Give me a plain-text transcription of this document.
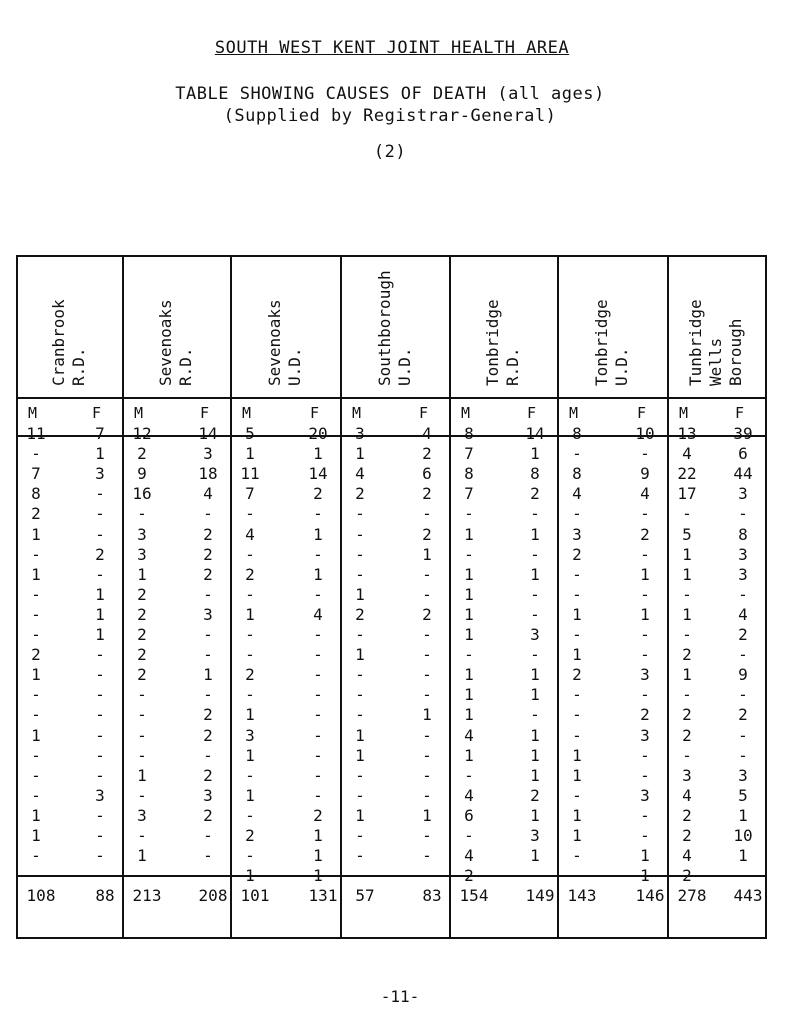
SOUTH WEST KENT JOINT HEALTH AREA
TABLE SHOWING CAUSES OF DEATH (all ages)
(Supplied by Registrar-General)
(2)
Cranbrook R.D.	Sevenoaks R.D.	Sevenoaks U.D.	Southborough U.D.	Tonbridge R.D.	Tonbridge U.D.	Tunbridge Wells Borough
M	F M	F M	F M	F M	F M	F M	F
11	7	12	14	5	20	3	4	8	14	8	10 13 39
-	1	2	3	1	1	1	2	7	1	-	-	4	6
7	3	9	18 11	14	4	6	8	8	8	9	22 44
8	-	16	4	7	2	2	2	7	2	4	4	17	3
2	-	-	-	-	-	-	-	-	-	-	-	-	-
1	-	3	2	4	1	-	2	1	1	3	2	5	8
-	2	3	2	-	-	-	1	-	-	2	-	1	3
1	-	1	2	2	1	-	-	1	1	-	1	1	3
-	1	2	-	-	-	1	-	1	-	-	-	-	-
-	1	2	3	1	4	2	2	1	-	1	1	1	4
-	1	2	-	-	-	-	-	1	3	-	-	-	2
2	-	2	-	-	-	1	-	-	-	1	-	2	-
1	-	2	1	2	-	-	-	1	1	2	3	1	9
-	-	-	-	-	-	-	-	1	1	-	-	-	-
-	-	-	2	1	-	-	1	1	-	-	2	2	2
1	-	-	2	3	-	1	-	4	1	-	3	2	-
-	-	-	-	1	-	1	-	1	1	1	-	-	-
-	-	1	2	-	-	-	-	-	1	1	-	3	3
-	3	-	3	1	-	-	-	4	2	-	3	4	5
1	-	3	2	-	2	1	1	6	1	1	-	2	1
1	-	-	-	2	1	-	-	-	3	1	-	2	10
-	-	1	-	-	1	-	-	4	1	-	1	4	1
-	-	-	-	1	1	-	-	2	-	-	1	2	-
108	88	213 208 101 131	57	83	154 149 143 146 278 443
-11-
